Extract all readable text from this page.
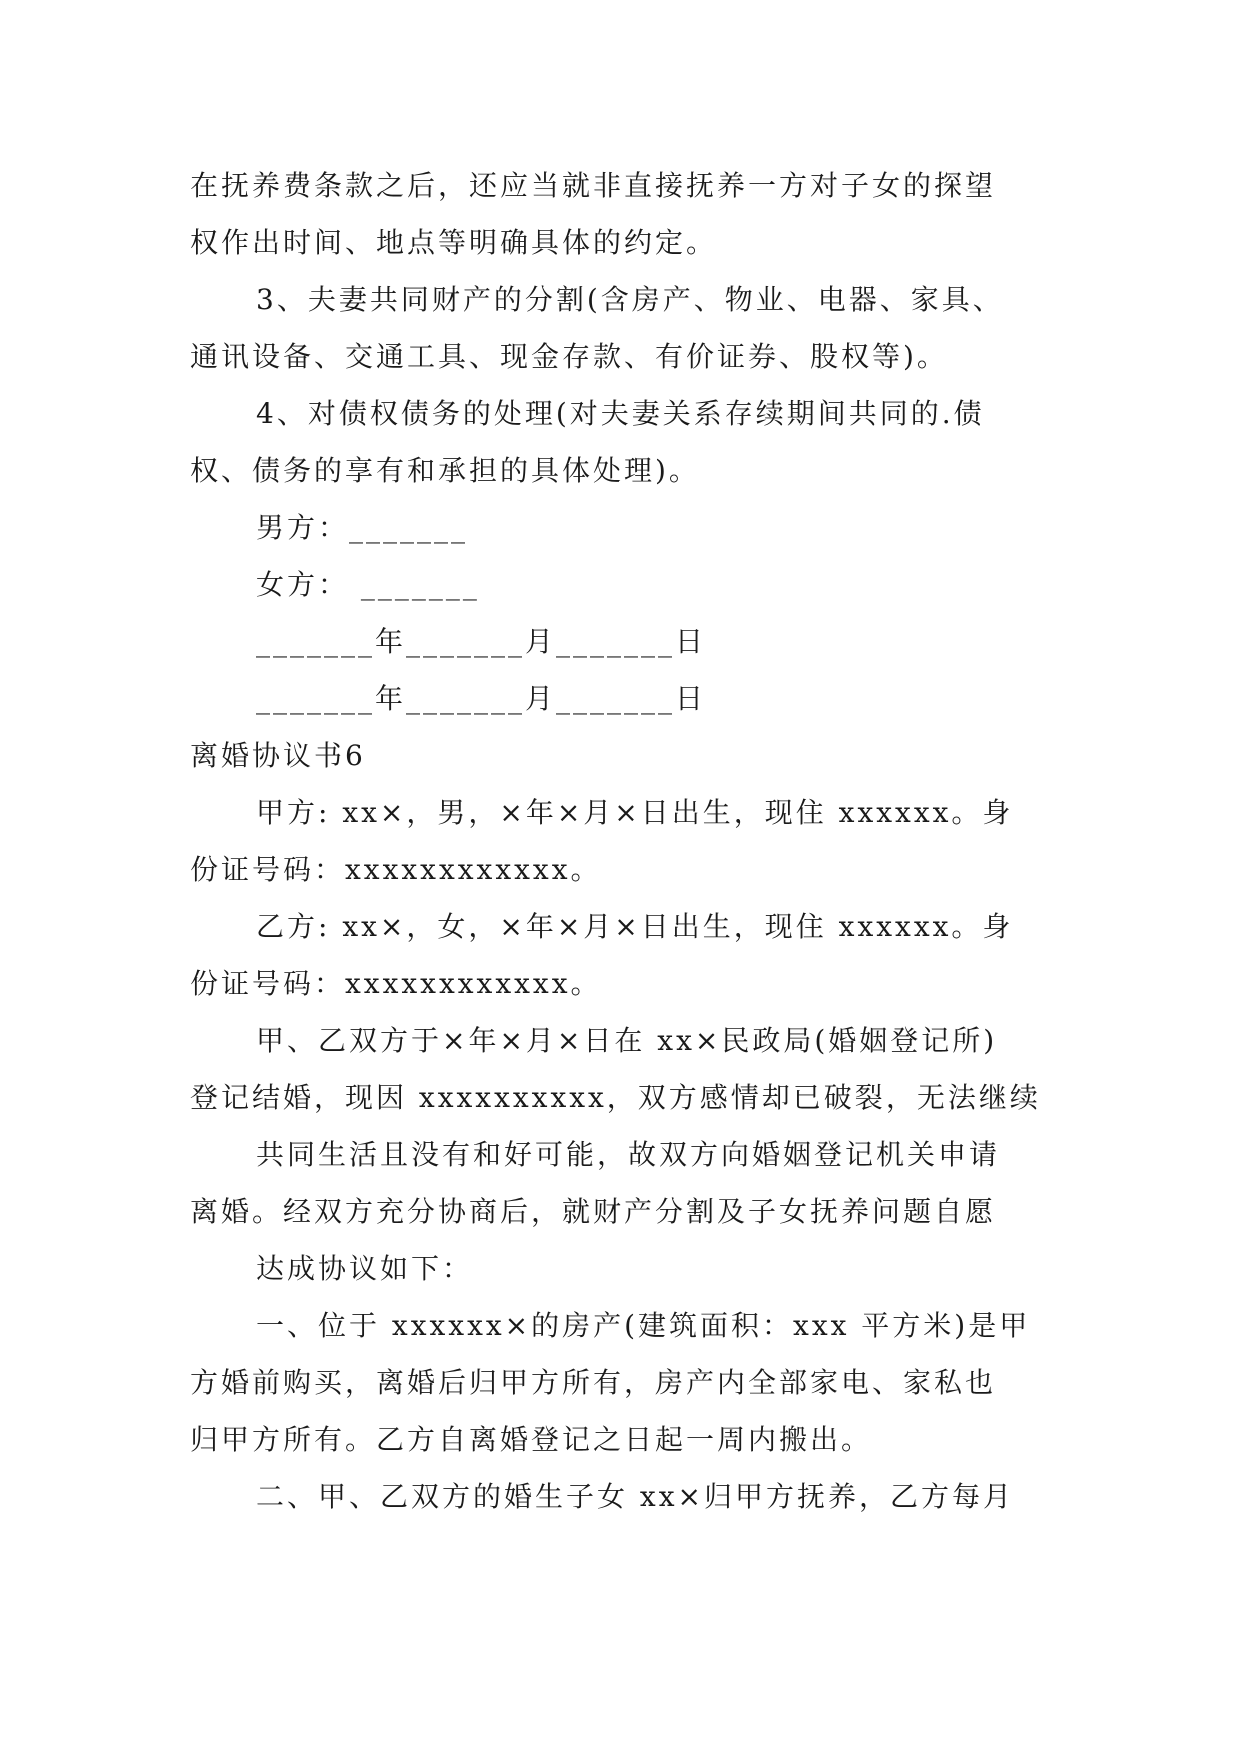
在抚养费条款之后，还应当就非直接抚养一方对子女的探望
权作出时间、地点等明确具体的约定。
3、夫妻共同财产的分割(含房产、物业、电器、家具、
通讯设备、交通工具、现金存款、有价证券、股权等)。
4、对债权债务的处理(对夫妻关系存续期间共同的.债
权、债务的享有和承担的具体处理)。
男方：_______
女方： _______
_______年_______月_______日
_______年_______月_______日
离婚协议书6
甲方: xx×，男，×年×月×日出生，现住 xxxxxx。身
份证号码：xxxxxxxxxxxx。
乙方: xx×，女，×年×月×日出生，现住 xxxxxx。身
份证号码：xxxxxxxxxxxx。
甲、乙双方于×年×月×日在 xx×民政局(婚姻登记所)
登记结婚，现因 xxxxxxxxxx，双方感情却已破裂，无法继续
共同生活且没有和好可能，故双方向婚姻登记机关申请
离婚。经双方充分协商后，就财产分割及子女抚养问题自愿
达成协议如下：
一、位于 xxxxxx×的房产(建筑面积：xxx 平方米)是甲
方婚前购买，离婚后归甲方所有，房产内全部家电、家私也
归甲方所有。乙方自离婚登记之日起一周内搬出。
二、甲、乙双方的婚生子女 xx×归甲方抚养，乙方每月
